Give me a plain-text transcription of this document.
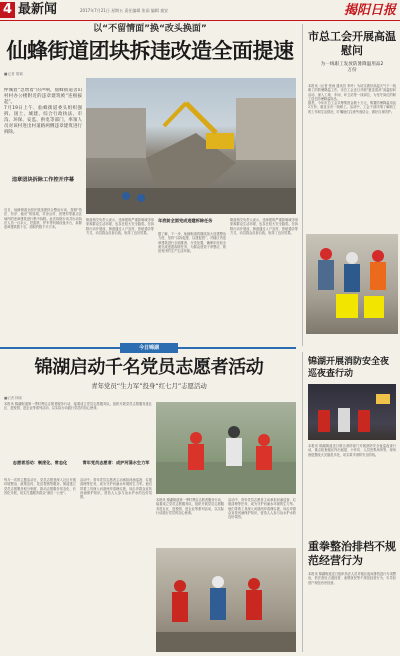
4 最新闻	2017年7月21日 星期五 责任编辑 张雨 编辑 童安	揭阳日报
以“不留情面”换“改头换面”
仙蜂街道团块拆违改造全面提速
■记者 胡颖
仲城着“急增着”的声响，仙蜂街道舍山村村办公楼附近的违章建筑被“连根拔起”。
7月19日上午，仙蜂街道委头组织强拆、国土、城建、综合行政执法、市沟、环保、安监、供电等部门，率领人员对该村进出村道路两侧违章建筑进行拆除。
违章团块拆除工作控开序幕
近日，仙蜂街道全面开展违建综合整治行动，按照“依法、有序、稳妥”的原则，对舍山村、营贤村等重点区域内的违章建筑进行集中拆除。此次拆除行动共出动执法人员一百余人，挖掘机、铲车等机械设备多台，拆除违章建筑数十宗，面积约数千平方米。
街道相关负责人表示，违章建筑严重影响城市形象和群众生活环境，也存在较大安全隐患。在拆除行动开展前，街道通过入户宣传、张贴通告等方式，动员群众自拆自改，取得了良好效果。
年底前全面完成违建拆除任务
据了解，下一步，仙蜂街道将继续加大违建整治力度，坚持“以拆促建、以建促管”，对辖区内违章建筑进行全面排查、分类处置，确保年底前全面完成违建拆除任务，为群众营造干净整洁、规范有序的生产生活环境。
街道相关负责人表示，违章建筑严重影响城市形象和群众生活环境，也存在较大安全隐患。在拆除行动开展前，街道通过入户宣传、张贴通告等方式，动员群众自拆自改，取得了良好效果。
市总工会开展高温慰问
为一线职工发放防暑降温用品2万份
本报讯（记者 张雨 通讯员 李玲）为切实做好高温天气下一线职工的防暑降温工作，市总工会近日开展“夏送清凉”高温慰问活动，深入工地、车间、环卫站等一线岗位，为坚守岗位的职工送去防暑降温用品。
据悉，今年市总工会共筹集资金数十万元，购置防暑降温用品2万份，惠及全市一线职工。活动中，工会干部详细了解职工的工作和生活情况，叮嘱他们注意劳逸结合，做好自身防护。
今日锦湖
锦湖启动千名党员志愿者活动
青年党员“生力军”投身“红七月”志愿活动
■记者 林晓
本报讯 锦湖街道第一季时贤启志愿者服务行动，接着成立党员志愿服务队，组织开展党员志愿服务进社区、进校园、进企业等系列活动，以实际行动践行党员的初心使命。
志愿者活动：制度化、常态化
每月一次的主题活动日，党员志愿者深入社区开展环境整治、政策宣传、扶贫帮困等服务。街道建立党员志愿服务积分制度，推动志愿服务常态化、长效化开展，切实打通服务群众“最后一公里”。
青年党员志愿者：成护河涌水生力军
活动中，青年党员志愿者主动承担河涌巡查、垃圾清理等任务，成为守护河涌水环境的生力军。他们带着工具深入河道两岸清理垃圾，向沿岸群众宣传河涌保护知识，营造人人参与治水护水的良好氛围。
本报讯 锦湖街道第一季时贤启志愿者服务行动，接着成立党员志愿服务队，组织开展党员志愿服务进社区、进校园、进企业等系列活动，以实际行动践行党员的初心使命。
活动中，青年党员志愿者主动承担河涌巡查、垃圾清理等任务，成为守护河涌水环境的生力军。他们带着工具深入河道两岸清理垃圾，向沿岸群众宣传河涌保护知识，营造人人参与治水护水的良好氛围。
锦湖开展消防安全夜巡夜查行动
本报讯 锦湖街道近日联合消防部门开展消防安全夜巡夜查行动，重点检查辖区内出租屋、小作坊、人员密集场所等，现场督促整改火灾隐患多处，切实筑牢消防安全防线。
重拳整治排档不规范经营行为
本报讯 锦湖街道近日组织执法人员对辖区夜间排档进行专项整治，依法查处占道经营、油烟扰民等不规范经营行为，引导经营户规范有序经营。
